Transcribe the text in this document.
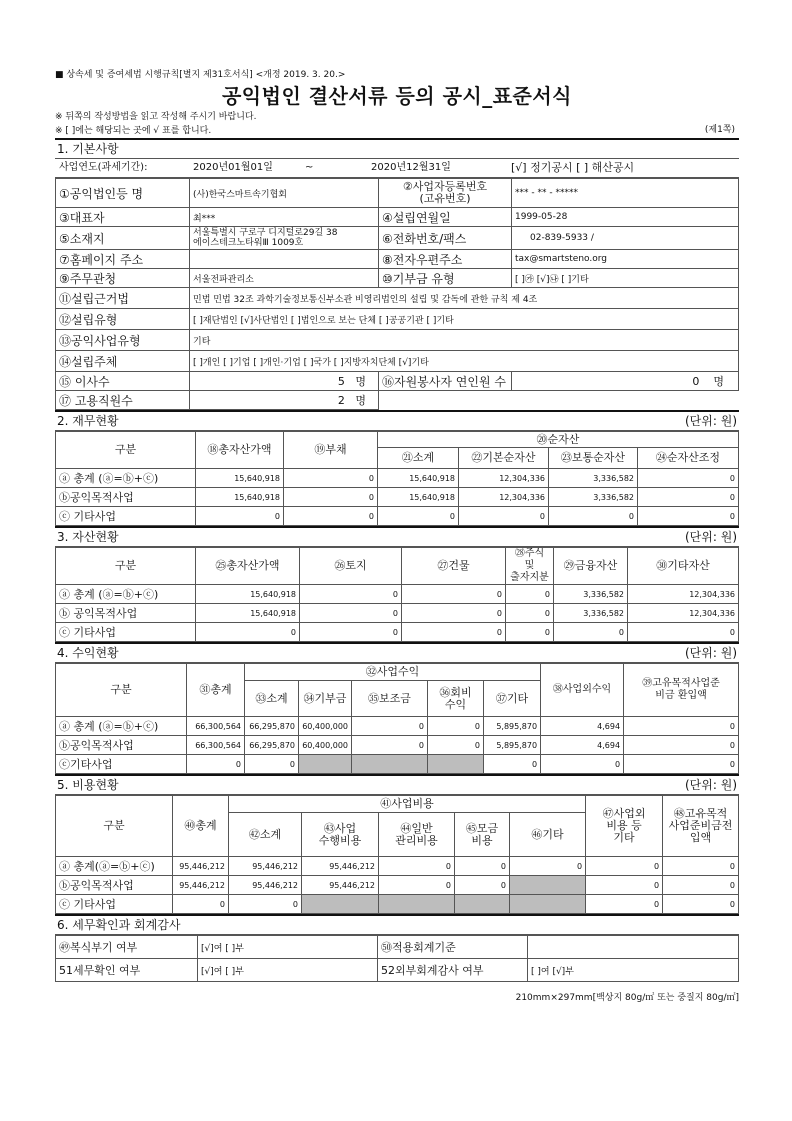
■ 상속세 및 증여세법 시행규칙[별지 제31호서식] <개정 2019. 3. 20.>
공익법인 결산서류 등의 공시_표준서식
※ 뒤쪽의 작성방법을 읽고 작성해 주시기 바랍니다.
※ [ ]에는 해당되는 곳에 √ 표를 합니다.	(제1쪽)
1. 기본사항
사업연도(과세기간):	2020년01월01일	~	2020년12월31일	[√] 정기공시 [ ] 해산공시
①공익법인등 명	(사)한국스마트속기협회	②사업자등록번호
(고유번호)	*** - ** - *****
③대표자	최***	④설립연월일	1999-05-28
⑤소재지	서울특별시 구로구 디지털로29길 38
에이스테크노타워Ⅲ 1009호	⑥전화번호/팩스	02-839-5933 /
⑦홈페이지 주소		⑧전자우편주소	tax@smartsteno.org
⑨주무관청	서울전파관리소	⑩기부금 유형	[ ]㉮ [√]㉯ [ ]기타
⑪설립근거법	민법 민법 32조 과학기술정보통신부소관 비영리법인의 설립 및 감독에 관한 규칙 제 4조		
⑫설립유형	[ ]재단법인 [√]사단법인 [ ]법인으로 보는 단체 [ ]공공기관 [ ]기타		
⑬공익사업유형	기타		
⑭설립주체	[ ]개인 [ ]기업 [ ]개인·기업 [ ]국가 [ ]지방자치단체 [√]기타		
⑮ 이사수	5 명	⑯자원봉사자 연인원 수	0 명
⑰ 고용직원수	2 명		
2. 재무현황	(단위: 원)
구분	⑱총자산가액	⑲부채	⑳순자산			
			㉑소계	㉒기본순자산	㉓보통순자산	㉔순자산조정
ⓐ 총계 (ⓐ=ⓑ+ⓒ)	15,640,918	0	15,640,918	12,304,336	3,336,582	0
ⓑ공익목적사업	15,640,918	0	15,640,918	12,304,336	3,336,582	0
ⓒ 기타사업	0	0	0	0	0	0
3. 자산현황	(단위: 원)
구분	㉕총자산가액	㉖토지	㉗건물	㉘주식 및
출자지분	㉙금융자산	㉚기타자산
ⓐ 총계 (ⓐ=ⓑ+ⓒ)	15,640,918	0	0	0	3,336,582	12,304,336
ⓑ 공익목적사업	15,640,918	0	0	0	3,336,582	12,304,336
ⓒ 기타사업	0	0	0	0	0	0
4. 수익현황	(단위: 원)
구분	㉛총계	㉜사업수익					㊳사업외수익	㊴고유목적사업준
비금 환입액
		㉝소계	㉞기부금	㉟보조금	㊱회비
수익	㊲기타		
ⓐ 총계 (ⓐ=ⓑ+ⓒ)	66,300,564	66,295,870	60,400,000	0	0	5,895,870	4,694	0
ⓑ공익목적사업	66,300,564	66,295,870	60,400,000	0	0	5,895,870	4,694	0
ⓒ기타사업	0	0				0	0	0
5. 비용현황	(단위: 원)
구분	㊵총계	㊶사업비용					㊼사업외
비용 등
기타	㊽고유목적
사업준비금전
입액
		㊷소계	㊸사업
수행비용	㊹일반
관리비용	㊺모금
비용	㊻기타		
ⓐ 총계(ⓐ=ⓑ+ⓒ)	95,446,212	95,446,212	95,446,212	0	0	0	0	0
ⓑ공익목적사업	95,446,212	95,446,212	95,446,212	0	0		0	0
ⓒ 기타사업	0	0					0	0
6. 세무확인과 회계감사
㊾복식부기 여부	[√]여 [ ]부	㊿적용회계기준	
51세무확인 여부	[√]여 [ ]부	52외부회계감사 여부	[ ]여 [√]부
210mm×297mm[백상지 80g/㎡ 또는 중질지 80g/㎡]
